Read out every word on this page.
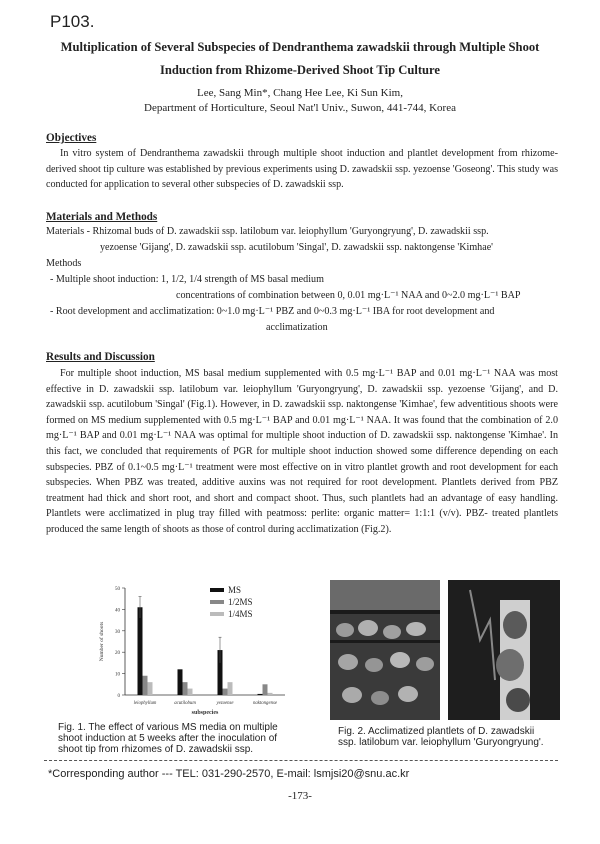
P103.
Multiplication of Several Subspecies of Dendranthema zawadskii through Multiple Shoot
Induction from Rhizome-Derived Shoot Tip Culture
Lee, Sang Min*, Chang Hee Lee, Ki Sun Kim,
Department of Horticulture, Seoul Nat'l Univ., Suwon, 441-744, Korea
Objectives
In vitro system of Dendranthema zawadskii through multiple shoot induction and plantlet development from rhizome-derived shoot tip culture was established by previous experiments using D. zawadskii ssp. yezoense 'Goseong'. This study was conducted for application to several other subspecies of D. zawadskii ssp.
Materials and Methods
Materials - Rhizomal buds of D. zawadskii ssp. latilobum var. leiophyllum 'Guryongryung', D. zawadskii ssp.
yezoense 'Gijang', D. zawadskii ssp. acutilobum 'Singal', D. zawadskii ssp. naktongense 'Kimhae'
Methods
- Multiple shoot induction: 1, 1/2, 1/4 strength of MS basal medium
concentrations of combination between 0, 0.01 mg·L⁻¹ NAA and 0~2.0 mg·L⁻¹ BAP
- Root development and acclimatization: 0~1.0 mg·L⁻¹ PBZ and 0~0.3 mg·L⁻¹ IBA for root development and
acclimatization
Results and Discussion
For multiple shoot induction, MS basal medium supplemented with 0.5 mg·L⁻¹ BAP and 0.01 mg·L⁻¹ NAA was most effective in D. zawadskii ssp. latilobum var. leiophyllum 'Guryongryung', D. zawadskii ssp. yezoense 'Gijang', and D. zawadskii ssp. acutilobum 'Singal' (Fig.1). However, in D. zawadskii ssp. naktongense 'Kimhae', few adventitious shoots were formed on MS medium supplemented with 0.5 mg·L⁻¹ BAP and 0.01 mg·L⁻¹ NAA. It was found that the combination of 2.0 mg·L⁻¹ BAP and 0.01 mg·L⁻¹ NAA was optimal for multiple shoot induction of D. zawadskii ssp. naktongense 'Kimhae'. In this fact, we concluded that requirements of PGR for multiple shoot induction showed some difference depending on each subspecies. PBZ of 0.1~0.5 mg·L⁻¹ treatment were most effective on in vitro plantlet growth and root development for each subspecies. When PBZ was treated, additive auxins was not required for root development. Plantlets derived from PBZ treatment had thick and short root, and short and compact shoot. Thus, such plantlets had an advantage of easy handling. Plantlets were acclimatized in plug tray filled with peatmoss: perlite: organic matter= 1:1:1 (v/v). PBZ- treated plantlets produced the same length of shoots as those of control during acclimatization (Fig.2).
0
10
20
30
40
50
Number of shoots
subspecies
leiophyllum	acutilobum	yezoense	naktongense
MS
1/2MS
1/4MS
Fig. 1. The effect of various MS media on multiple shoot induction at 5 weeks after the inoculation of shoot tip from rhizomes of D. zawadskii ssp.
Fig. 2. Acclimatized plantlets of D. zawadskii ssp. latilobum var. leiophyllum 'Guryongryung'.
*Corresponding author --- TEL: 031-290-2570, E-mail: lsmjsi20@snu.ac.kr
-173-
